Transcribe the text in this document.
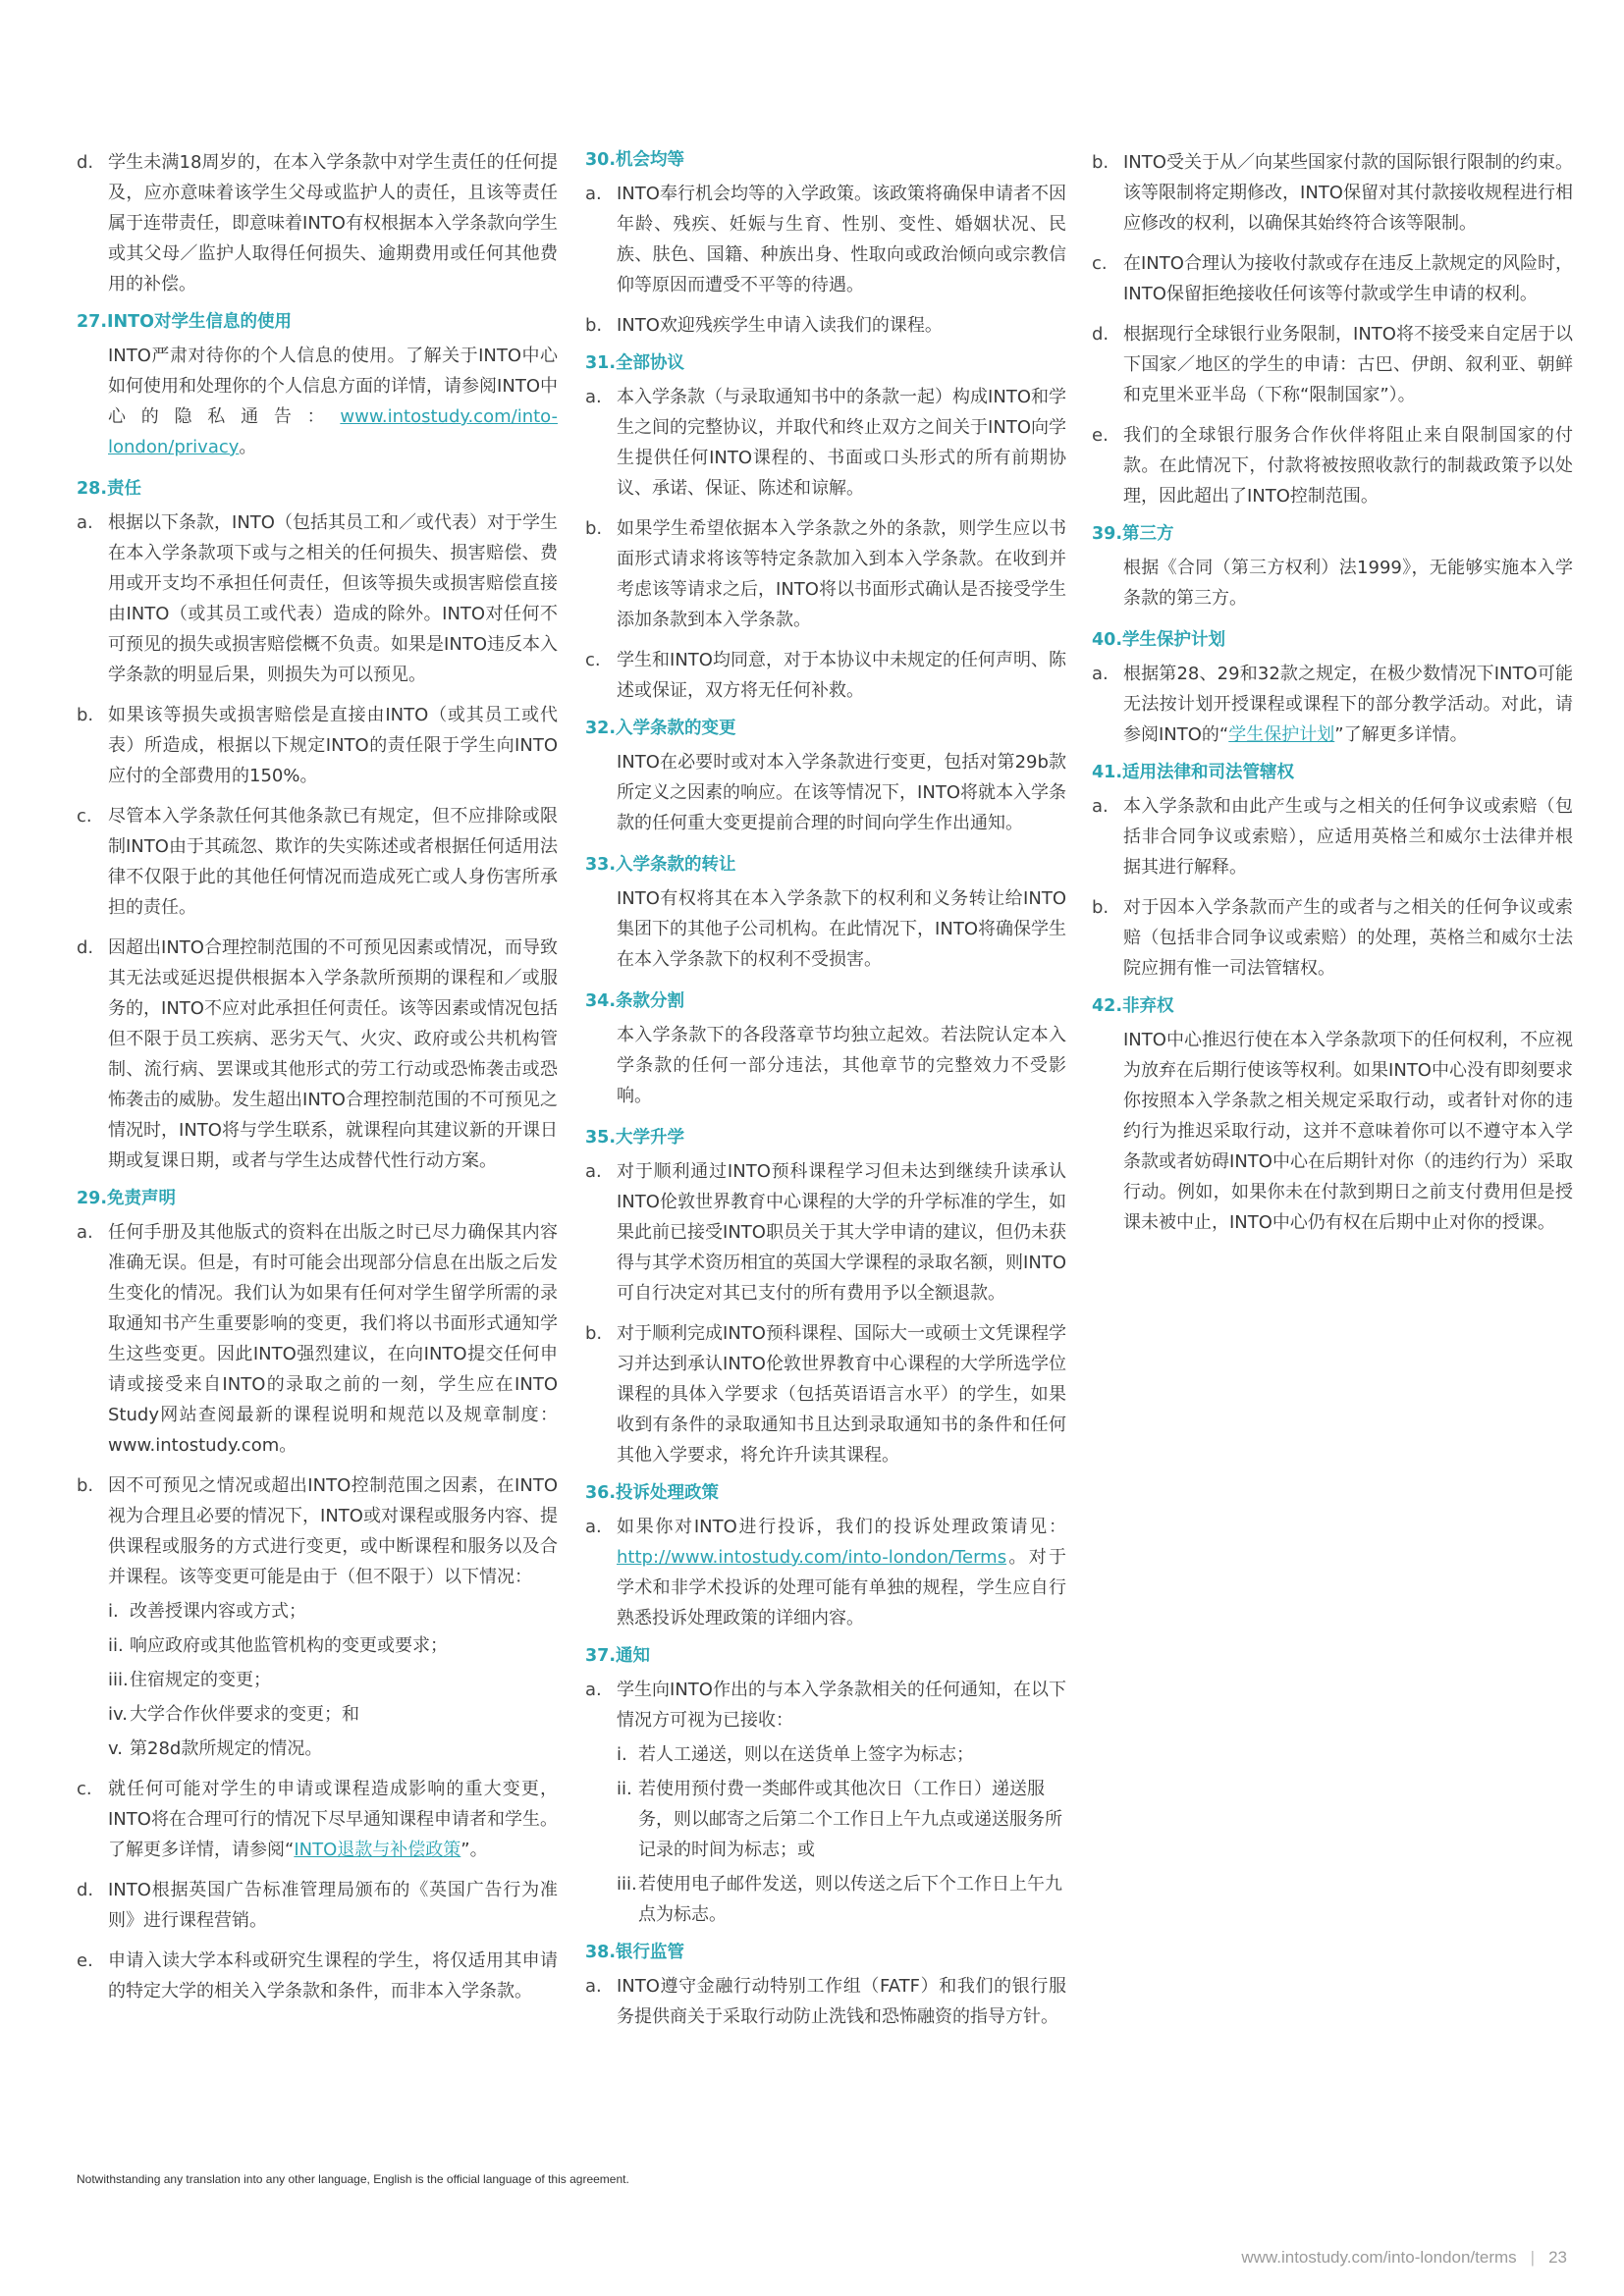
d. 学生未满18周岁的，在本入学条款中对学生责任的任何提及，应亦意味着该学生父母或监护人的责任，且该等责任属于连带责任，即意味着INTO有权根据本入学条款向学生或其父母／监护人取得任何损失、逾期费用或任何其他费用的补偿。
27.INTO对学生信息的使用
INTO严肃对待你的个人信息的使用。了解关于INTO中心如何使用和处理你的个人信息方面的详情，请参阅INTO中心的隐私通告：www.intostudy.com/into-london/privacy。
28.责任
a. 根据以下条款，INTO（包括其员工和／或代表）对于学生在本入学条款项下或与之相关的任何损失、损害赔偿、费用或开支均不承担任何责任，但该等损失或损害赔偿直接由INTO（或其员工或代表）造成的除外。INTO对任何不可预见的损失或损害赔偿概不负责。如果是INTO违反本入学条款的明显后果，则损失为可以预见。
b. 如果该等损失或损害赔偿是直接由INTO（或其员工或代表）所造成，根据以下规定INTO的责任限于学生向INTO应付的全部费用的150%。
c. 尽管本入学条款任何其他条款已有规定，但不应排除或限制INTO由于其疏忽、欺诈的失实陈述或者根据任何适用法律不仅限于此的其他任何情况而造成死亡或人身伤害所承担的责任。
d. 因超出INTO合理控制范围的不可预见因素或情况，而导致其无法或延迟提供根据本入学条款所预期的课程和／或服务的，INTO不应对此承担任何责任。该等因素或情况包括但不限于员工疾病、恶劣天气、火灾、政府或公共机构管制、流行病、罢课或其他形式的劳工行动或恐怖袭击或恐怖袭击的威胁。发生超出INTO合理控制范围的不可预见之情况时，INTO将与学生联系，就课程向其建议新的开课日期或复课日期，或者与学生达成替代性行动方案。
29.免责声明
a. 任何手册及其他版式的资料在出版之时已尽力确保其内容准确无误。但是，有时可能会出现部分信息在出版之后发生变化的情况。我们认为如果有任何对学生留学所需的录取通知书产生重要影响的变更，我们将以书面形式通知学生这些变更。因此INTO强烈建议，在向INTO提交任何申请或接受来自INTO的录取之前的一刻，学生应在INTO Study网站查阅最新的课程说明和规范以及规章制度：www.intostudy.com。
b. 因不可预见之情况或超出INTO控制范围之因素，在INTO视为合理且必要的情况下，INTO或对课程或服务内容、提供课程或服务的方式进行变更，或中断课程和服务以及合并课程。该等变更可能是由于（但不限于）以下情况：
i. 改善授课内容或方式；
ii. 响应政府或其他监管机构的变更或要求；
iii. 住宿规定的变更；
iv. 大学合作伙伴要求的变更；和
v. 第28d款所规定的情况。
c. 就任何可能对学生的申请或课程造成影响的重大变更，INTO将在合理可行的情况下尽早通知课程申请者和学生。了解更多详情，请参阅“INTO退款与补偿政策”。
d. INTO根据英国广告标准管理局颁布的《英国广告行为准则》进行课程营销。
e. 申请入读大学本科或研究生课程的学生，将仅适用其申请的特定大学的相关入学条款和条件，而非本入学条款。
30.机会均等
a. INTO奉行机会均等的入学政策。该政策将确保申请者不因年龄、残疾、妊娠与生育、性别、变性、婚姻状况、民族、肤色、国籍、种族出身、性取向或政治倾向或宗教信仰等原因而遭受不平等的待遇。
b. INTO欢迎残疾学生申请入读我们的课程。
31.全部协议
a. 本入学条款（与录取通知书中的条款一起）构成INTO和学生之间的完整协议，并取代和终止双方之间关于INTO向学生提供任何INTO课程的、书面或口头形式的所有前期协议、承诺、保证、陈述和谅解。
b. 如果学生希望依据本入学条款之外的条款，则学生应以书面形式请求将该等特定条款加入到本入学条款。在收到并考虑该等请求之后，INTO将以书面形式确认是否接受学生添加条款到本入学条款。
c. 学生和INTO均同意，对于本协议中未规定的任何声明、陈述或保证，双方将无任何补救。
32.入学条款的变更
INTO在必要时或对本入学条款进行变更，包括对第29b款所定义之因素的响应。在该等情况下，INTO将就本入学条款的任何重大变更提前合理的时间向学生作出通知。
33.入学条款的转让
INTO有权将其在本入学条款下的权利和义务转让给INTO集团下的其他子公司机构。在此情况下，INTO将确保学生在本入学条款下的权利不受损害。
34.条款分割
本入学条款下的各段落章节均独立起效。若法院认定本入学条款的任何一部分违法，其他章节的完整效力不受影响。
35.大学升学
a. 对于顺利通过INTO预科课程学习但未达到继续升读承认INTO伦敦世界教育中心课程的大学的升学标准的学生，如果此前已接受INTO职员关于其大学申请的建议，但仍未获得与其学术资历相宜的英国大学课程的录取名额，则INTO可自行决定对其已支付的所有费用予以全额退款。
b. 对于顺利完成INTO预科课程、国际大一或硕士文凭课程学习并达到承认INTO伦敦世界教育中心课程的大学所选学位课程的具体入学要求（包括英语语言水平）的学生，如果收到有条件的录取通知书且达到录取通知书的条件和任何其他入学要求，将允许升读其课程。
36.投诉处理政策
a. 如果你对INTO进行投诉，我们的投诉处理政策请见：http://www.intostudy.com/into-london/Terms。对于学术和非学术投诉的处理可能有单独的规程，学生应自行熟悉投诉处理政策的详细内容。
37.通知
a. 学生向INTO作出的与本入学条款相关的任何通知，在以下情况方可视为已接收：
i. 若人工递送，则以在送货单上签字为标志；
ii. 若使用预付费一类邮件或其他次日（工作日）递送服务，则以邮寄之后第二个工作日上午九点或递送服务所记录的时间为标志；或
iii. 若使用电子邮件发送，则以传送之后下个工作日上午九点为标志。
38.银行监管
a. INTO遵守金融行动特别工作组（FATF）和我们的银行服务提供商关于采取行动防止洗钱和恐怖融资的指导方针。
b. INTO受关于从／向某些国家付款的国际银行限制的约束。该等限制将定期修改，INTO保留对其付款接收规程进行相应修改的权利，以确保其始终符合该等限制。
c. 在INTO合理认为接收付款或存在违反上款规定的风险时，INTO保留拒绝接收任何该等付款或学生申请的权利。
d. 根据现行全球银行业务限制，INTO将不接受来自定居于以下国家／地区的学生的申请：古巴、伊朗、叙利亚、朝鲜和克里米亚半岛（下称“限制国家”）。
e. 我们的全球银行服务合作伙伴将阻止来自限制国家的付款。在此情况下，付款将被按照收款行的制裁政策予以处理，因此超出了INTO控制范围。
39.第三方
根据《合同（第三方权利）法1999》，无能够实施本入学条款的第三方。
40.学生保护计划
a. 根据第28、29和32款之规定，在极少数情况下INTO可能无法按计划开授课程或课程下的部分教学活动。对此，请参阅INTO的“学生保护计划”了解更多详情。
41.适用法律和司法管辖权
a. 本入学条款和由此产生或与之相关的任何争议或索赔（包括非合同争议或索赔），应适用英格兰和威尔士法律并根据其进行解释。
b. 对于因本入学条款而产生的或者与之相关的任何争议或索赔（包括非合同争议或索赔）的处理，英格兰和威尔士法院应拥有惟一司法管辖权。
42.非弃权
INTO中心推迟行使在本入学条款项下的任何权利，不应视为放弃在后期行使该等权利。如果INTO中心没有即刻要求你按照本入学条款之相关规定采取行动，或者针对你的违约行为推迟采取行动，这并不意味着你可以不遵守本入学条款或者妨碍INTO中心在后期针对你（的违约行为）采取行动。例如，如果你未在付款到期日之前支付费用但是授课未被中止，INTO中心仍有权在后期中止对你的授课。
Notwithstanding any translation into any other language, English is the official language of this agreement.
www.intostudy.com/into-london/terms | 23
